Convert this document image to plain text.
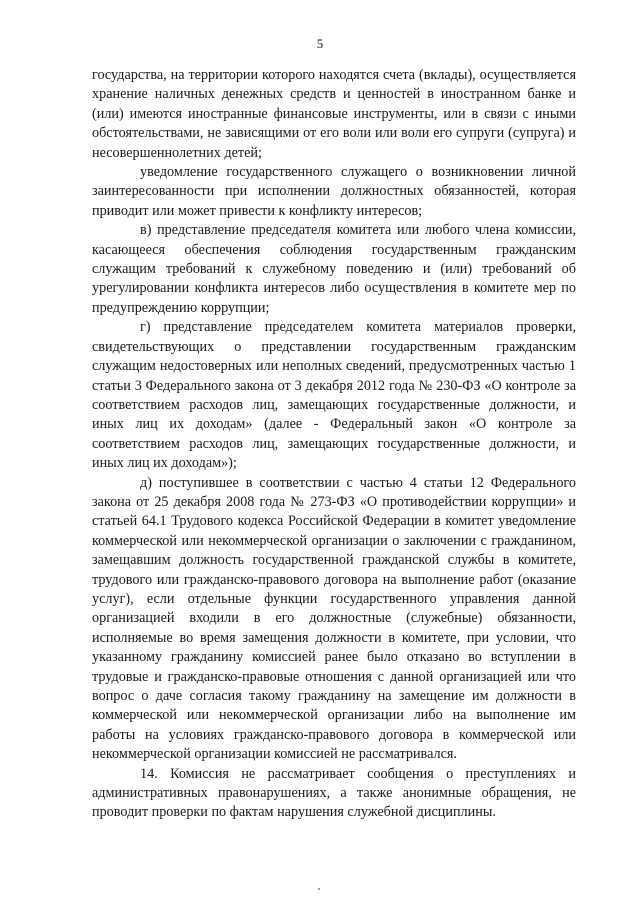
5

государства, на территории которого находятся счета (вклады), осуществляется хранение наличных денежных средств и ценностей в иностранном банке и (или) имеются иностранные финансовые инструменты, или в связи с иными обстоятельствами, не зависящими от его воли или воли его супруги (супруга) и несовершеннолетних детей;

уведомление государственного служащего о возникновении личной заинтересованности при исполнении должностных обязанностей, которая приводит или может привести к конфликту интересов;

в) представление председателя комитета или любого члена комиссии, касающееся обеспечения соблюдения государственным гражданским служащим требований к служебному поведению и (или) требований об урегулировании конфликта интересов либо осуществления в комитете мер по предупреждению коррупции;

г) представление председателем комитета материалов проверки, свидетельствующих о представлении государственным гражданским служащим недостоверных или неполных сведений, предусмотренных частью 1 статьи 3 Федерального закона от 3 декабря 2012 года № 230-ФЗ «О контроле за соответствием расходов лиц, замещающих государственные должности, и иных лиц их доходам» (далее - Федеральный закон «О контроле за соответствием расходов лиц, замещающих государственные должности, и иных лиц их доходам»);

д) поступившее в соответствии с частью 4 статьи 12 Федерального закона от 25 декабря 2008 года № 273-ФЗ «О противодействии коррупции» и статьей 64.1 Трудового кодекса Российской Федерации в комитет уведомление коммерческой или некоммерческой организации о заключении с гражданином, замещавшим должность государственной гражданской службы в комитете, трудового или гражданско-правового договора на выполнение работ (оказание услуг), если отдельные функции государственного управления данной организацией входили в его должностные (служебные) обязанности, исполняемые во время замещения должности в комитете, при условии, что указанному гражданину комиссией ранее было отказано во вступлении в трудовые и гражданско-правовые отношения с данной организацией или что вопрос о даче согласия такому гражданину на замещение им должности в коммерческой или некоммерческой организации либо на выполнение им работы на условиях гражданско-правового договора в коммерческой или некоммерческой организации комиссией не рассматривался.

14. Комиссия не рассматривает сообщения о преступлениях и административных правонарушениях, а также анонимные обращения, не проводит проверки по фактам нарушения служебной дисциплины.
